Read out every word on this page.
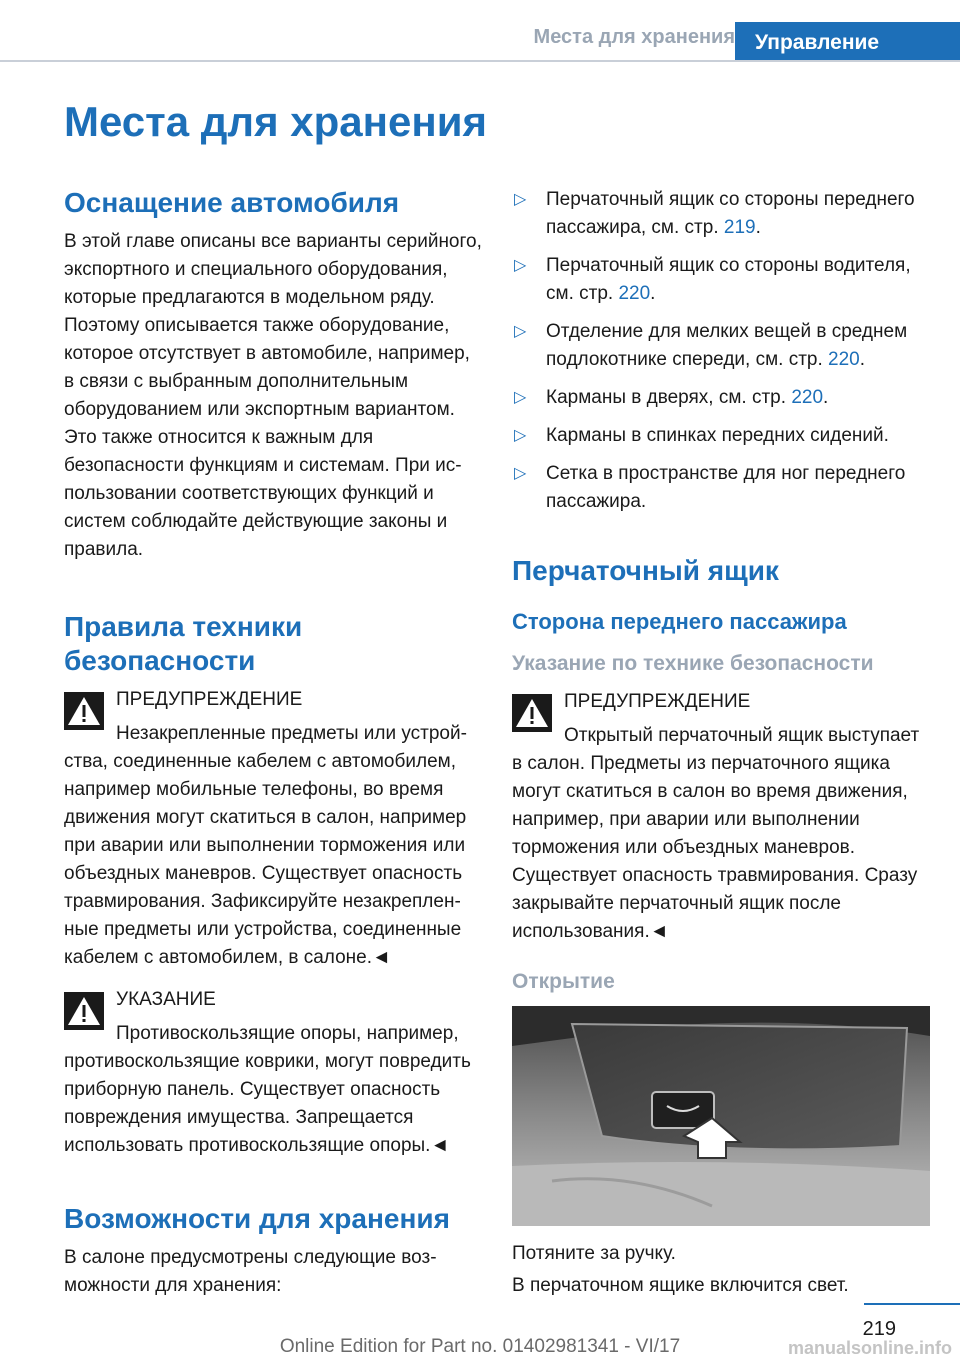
Места для хранения Управление
Места для хранения
Оснащение автомобиля

В этой главе описаны все варианты серийного, экспортного и специального оборудования, которые предлагаются в модельном ряду. Поэтому описывается также оборудование, которое отсутствует в автомобиле, например, в связи с выбранным дополнительным оборудованием или экспортным вариантом. Это также относится к важным для безопасности функциям и системам. При использовании соответствующих функций и систем соблюдайте действующие законы и правила.

Правила техники безопасности

ПРЕДУПРЕЖДЕНИЕ

Незакрепленные предметы или устройства, соединенные кабелем с автомобилем, например мобильные телефоны, во время движения могут скатиться в салон, например при аварии или выполнении торможения или объездных маневров. Существует опасность травмирования. Зафиксируйте незакрепленные предметы или устройства, соединенные кабелем с автомобилем, в салоне.◄

УКАЗАНИЕ

Противоскользящие опоры, например, противоскользящие коврики, могут повредить приборную панель. Существует опасность повреждения имущества. Запрещается использовать противоскользящие опоры.◄

Возможности для хранения

В салоне предусмотрены следующие возможности для хранения:

▷ Перчаточный ящик со стороны переднего пассажира, см. стр. 219.
▷ Перчаточный ящик со стороны водителя, см. стр. 220.
▷ Отделение для мелких вещей в среднем подлокотнике спереди, см. стр. 220.
▷ Карманы в дверях, см. стр. 220.
▷ Карманы в спинках передних сидений.
▷ Сетка в пространстве для ног переднего пассажира.
Перчаточный ящик
Сторона переднего пассажира
Указание по технике безопасности

ПРЕДУПРЕЖДЕНИЕ

Открытый перчаточный ящик выступает в салон. Предметы из перчаточного ящика могут скатиться в салон во время движения, например, при аварии или выполнении торможения или объездных маневров. Существует опасность травмирования. Сразу закрывайте перчаточный ящик после использования.◄

Открытие

Потяните за ручку.

В перчаточном ящике включится свет.

219
Online Edition for Part no. 01402981341 - VI/17	manualsonline.info
